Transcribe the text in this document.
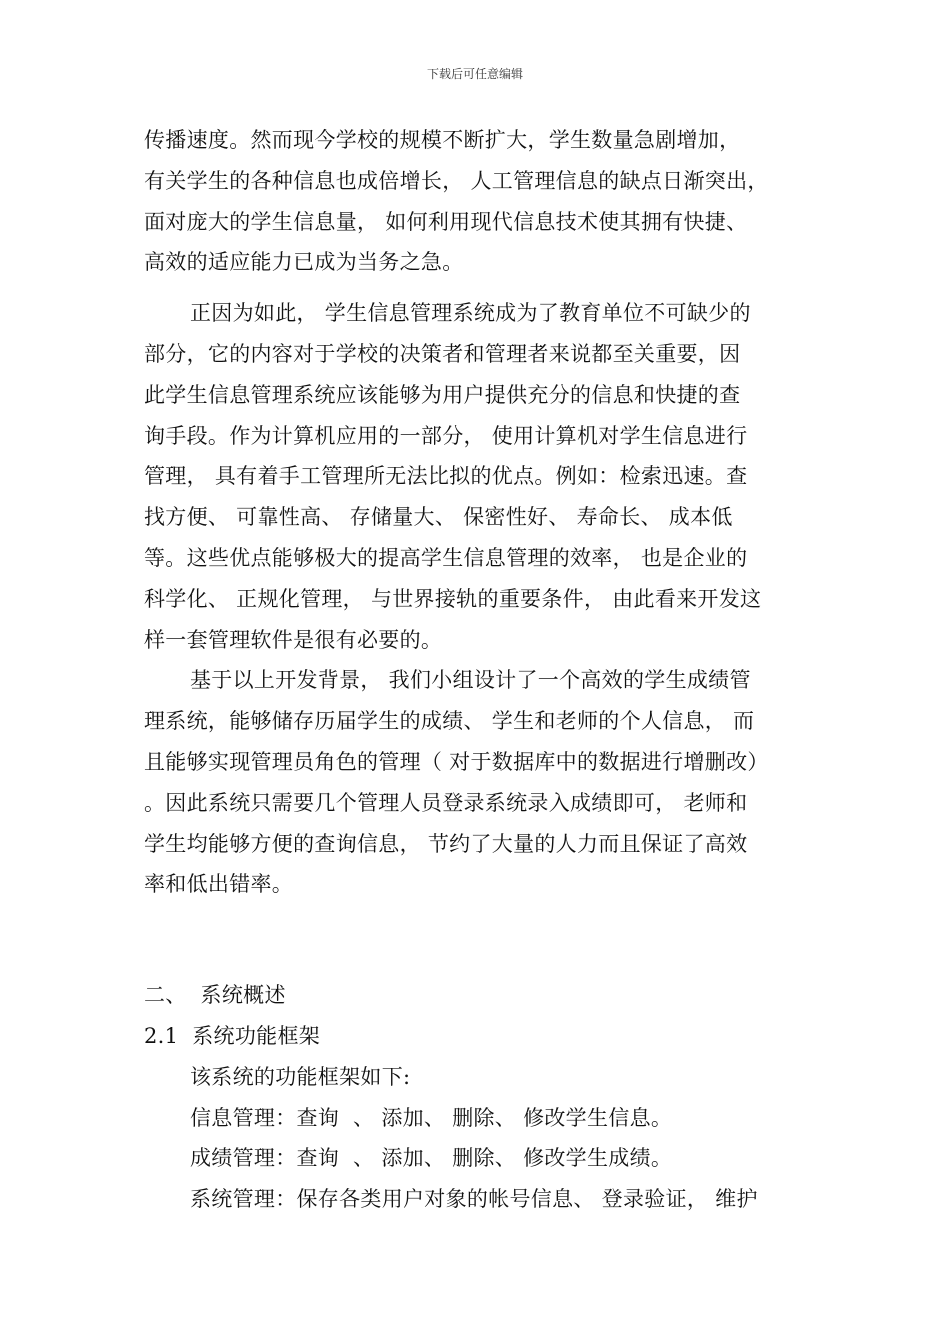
下载后可任意编辑
传播速度。然而现今学校的规模不断扩大，学生数量急剧增加，
有关学生的各种信息也成倍增长， 人工管理信息的缺点日渐突出，
面对庞大的学生信息量， 如何利用现代信息技术使其拥有快捷、
高效的适应能力已成为当务之急。
正因为如此， 学生信息管理系统成为了教育单位不可缺少的
部分，它的内容对于学校的决策者和管理者来说都至关重要，因
此学生信息管理系统应该能够为用户提供充分的信息和快捷的查
询手段。作为计算机应用的一部分， 使用计算机对学生信息进行
管理， 具有着手工管理所无法比拟的优点。例如：检索迅速。查
找方便、 可靠性高、 存储量大、 保密性好、 寿命长、 成本低
等。这些优点能够极大的提高学生信息管理的效率， 也是企业的
科学化、 正规化管理， 与世界接轨的重要条件， 由此看来开发这
样一套管理软件是很有必要的。
基于以上开发背景， 我们小组设计了一个高效的学生成绩管
理系统，能够储存历届学生的成绩、 学生和老师的个人信息， 而
且能够实现管理员角色的管理（ 对于数据库中的数据进行增删改）
。因此系统只需要几个管理人员登录系统录入成绩即可， 老师和
学生均能够方便的查询信息， 节约了大量的人力而且保证了高效
率和低出错率。
二、  系统概述
2.1  系统功能框架
该系统的功能框架如下:
信息管理：查询  、 添加、 删除、 修改学生信息。
成绩管理：查询  、 添加、 删除、 修改学生成绩。
系统管理：保存各类用户对象的帐号信息、 登录验证， 维护
